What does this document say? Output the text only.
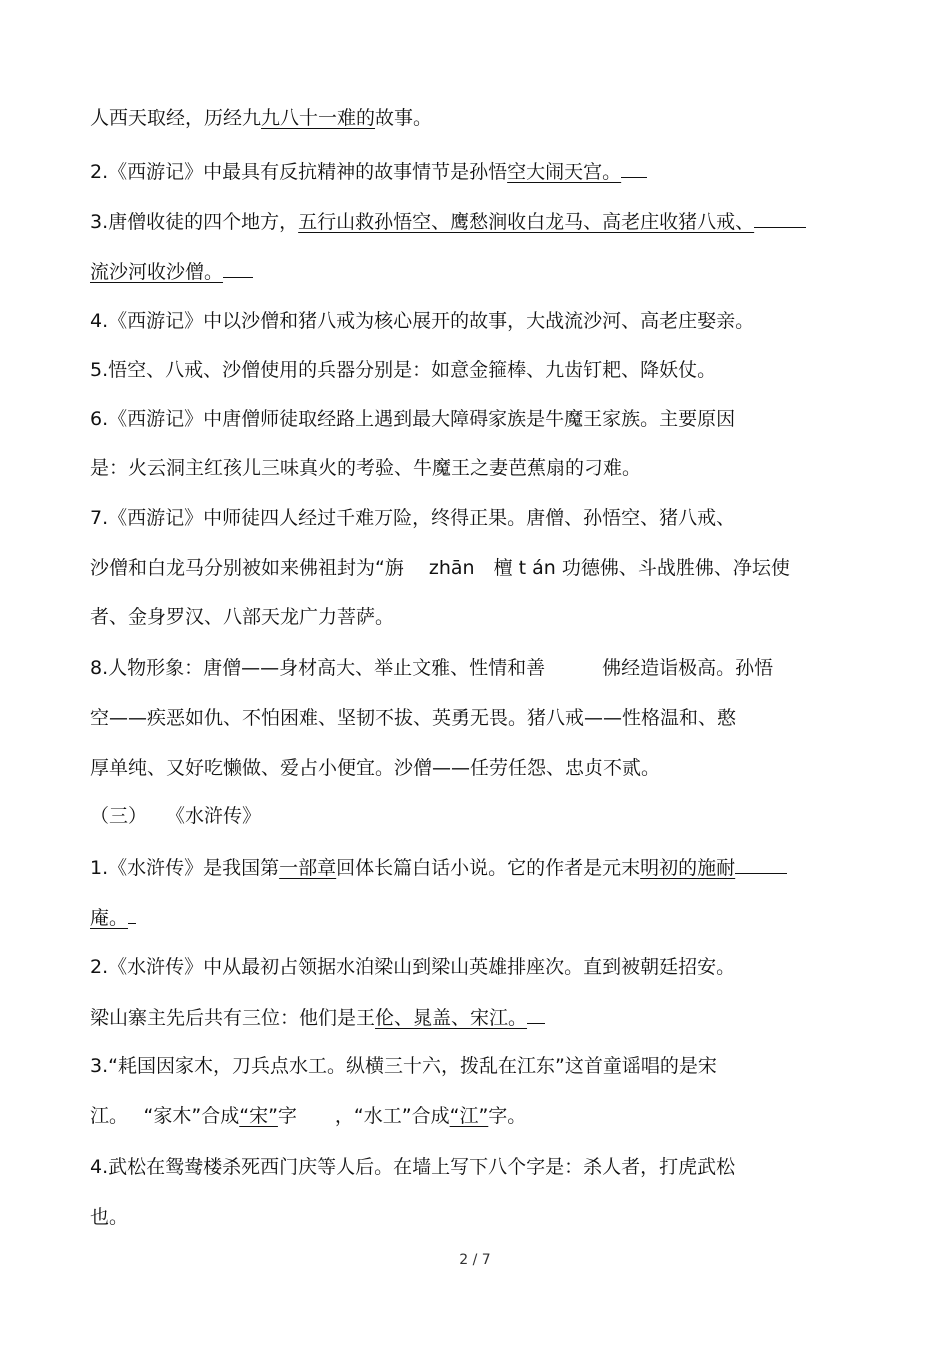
人西天取经，历经九九八十一难的故事。
2.《西游记》中最具有反抗精神的故事情节是孙悟空大闹天宫。
3.唐僧收徒的四个地方，五行山救孙悟空、鹰愁涧收白龙马、高老庄收猪八戒、
流沙河收沙僧。
4.《西游记》中以沙僧和猪八戒为核心展开的故事，大战流沙河、高老庄娶亲。
5.悟空、八戒、沙僧使用的兵器分别是：如意金箍棒、九齿钉耙、降妖仗。
6.《西游记》中唐僧师徒取经路上遇到最大障碍家族是牛魔王家族。主要原因
是：火云洞主红孩儿三味真火的考验、牛魔王之妻芭蕉扇的刁难。
7.《西游记》中师徒四人经过千难万险，终得正果。唐僧、孙悟空、猪八戒、
沙僧和白龙马分别被如来佛祖封为“旃　 zhān　檀 t án 功德佛、斗战胜佛、净坛使
者、金身罗汉、八部天龙广力菩萨。
8.人物形象：唐僧——身材高大、举止文雅、性情和善　　　佛经造诣极高。孙悟
空——疾恶如仇、不怕困难、坚韧不拔、英勇无畏。猪八戒——性格温和、憨
厚单纯、又好吃懒做、爱占小便宜。沙僧——任劳任怨、忠贞不贰。
（三）　　《水浒传》
1.《水浒传》是我国第一部章回体长篇白话小说。它的作者是元末明初的施耐
庵。
2.《水浒传》中从最初占领据水泊梁山到梁山英雄排座次。直到被朝廷招安。
梁山寨主先后共有三位：他们是王伦、晁盖、宋江。
3.“耗国因家木，刀兵点水工。纵横三十六，拨乱在江东”这首童谣唱的是宋
江。　 “家木”合成“宋”字　　，“水工”合成“江”字。
4.武松在鸳鸯楼杀死西门庆等人后。在墙上写下八个字是：杀人者，打虎武松
也。
2 / 7
